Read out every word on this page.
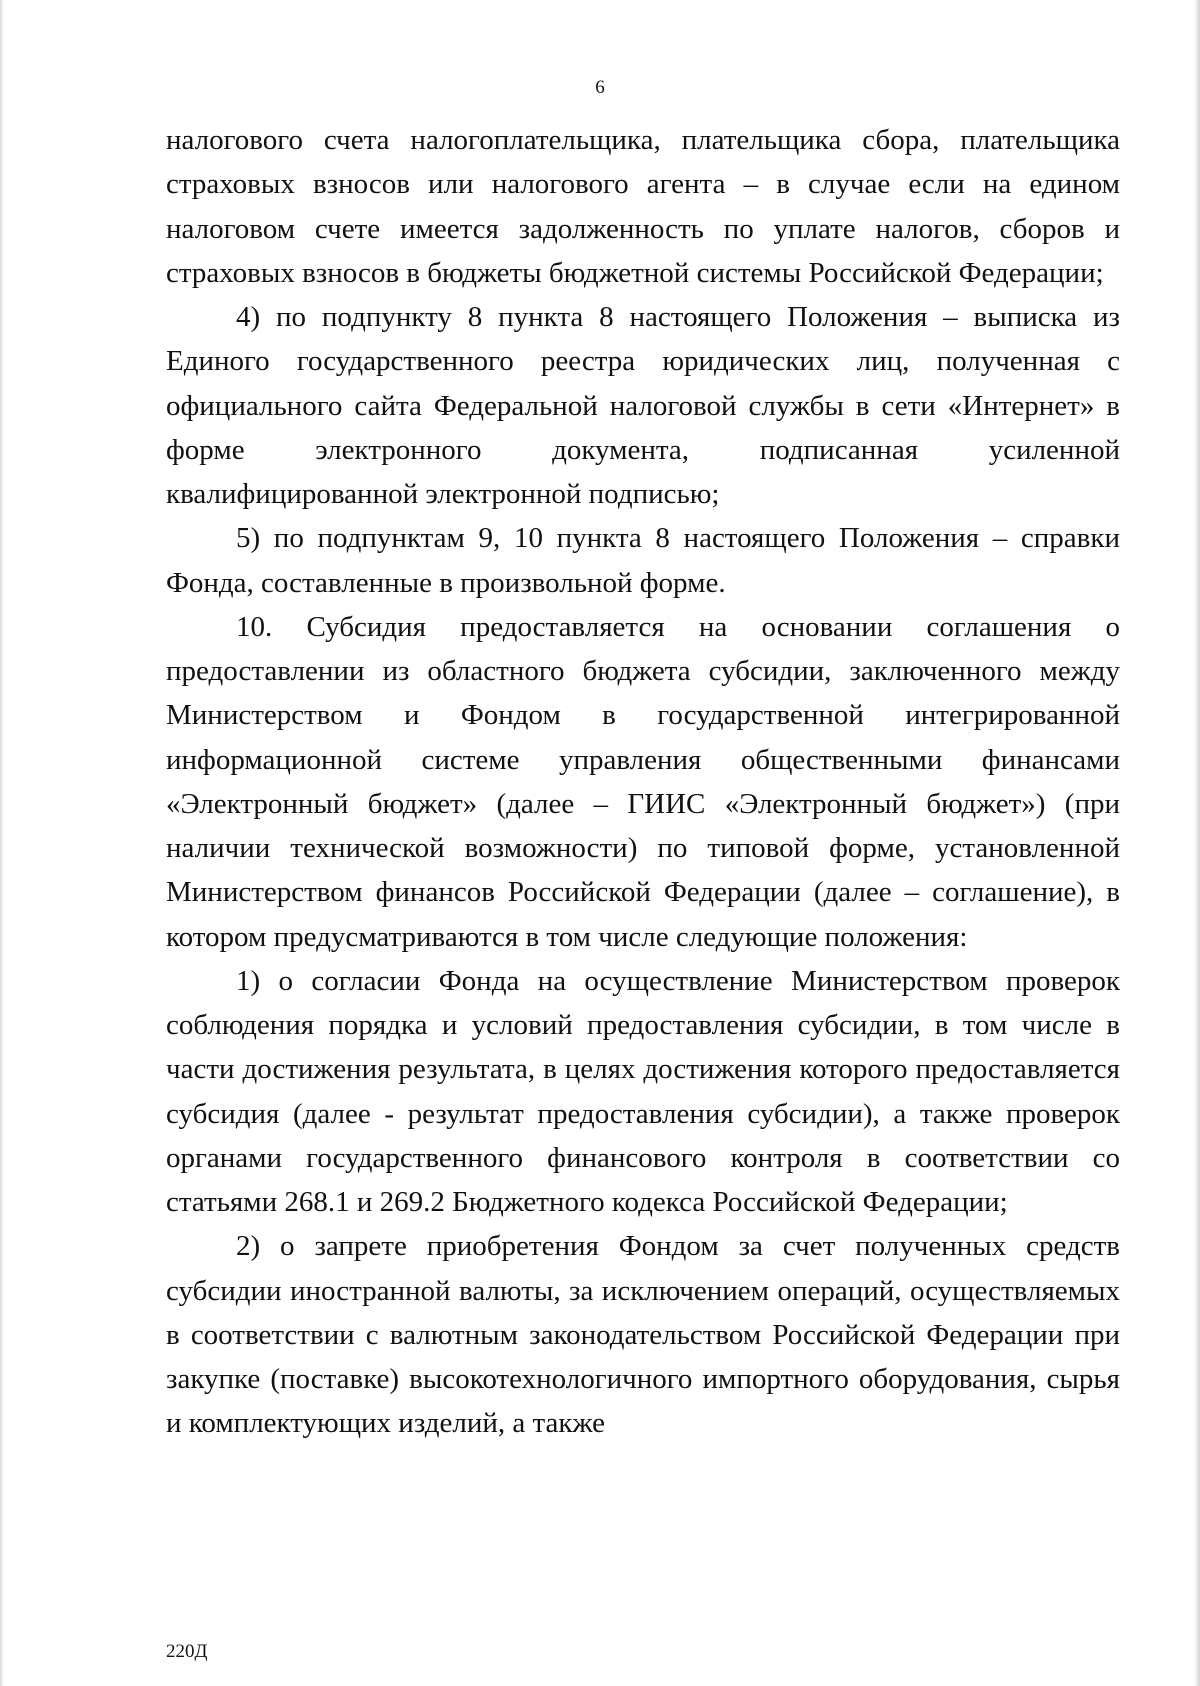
6

налогового счета налогоплательщика, плательщика сбора, плательщика страховых взносов или налогового агента – в случае если на едином налоговом счете имеется задолженность по уплате налогов, сборов и страховых взносов в бюджеты бюджетной системы Российской Федерации;

4) по подпункту 8 пункта 8 настоящего Положения – выписка из Единого государственного реестра юридических лиц, полученная с официального сайта Федеральной налоговой службы в сети «Интернет» в форме электронного документа, подписанная усиленной квалифицированной электронной подписью;

5) по подпунктам 9, 10 пункта 8 настоящего Положения – справки Фонда, составленные в произвольной форме.

10. Субсидия предоставляется на основании соглашения о предоставлении из областного бюджета субсидии, заключенного между Министерством и Фондом в государственной интегрированной информационной системе управления общественными финансами «Электронный бюджет» (далее – ГИИС «Электронный бюджет») (при наличии технической возможности) по типовой форме, установленной Министерством финансов Российской Федерации (далее – соглашение), в котором предусматриваются в том числе следующие положения:

1) о согласии Фонда на осуществление Министерством проверок соблюдения порядка и условий предоставления субсидии, в том числе в части достижения результата, в целях достижения которого предоставляется субсидия (далее - результат предоставления субсидии), а также проверок органами государственного финансового контроля в соответствии со статьями 268.1 и 269.2 Бюджетного кодекса Российской Федерации;

2) о запрете приобретения Фондом за счет полученных средств субсидии иностранной валюты, за исключением операций, осуществляемых в соответствии с валютным законодательством Российской Федерации при закупке (поставке) высокотехнологичного импортного оборудования, сырья и комплектующих изделий, а также

220Д
